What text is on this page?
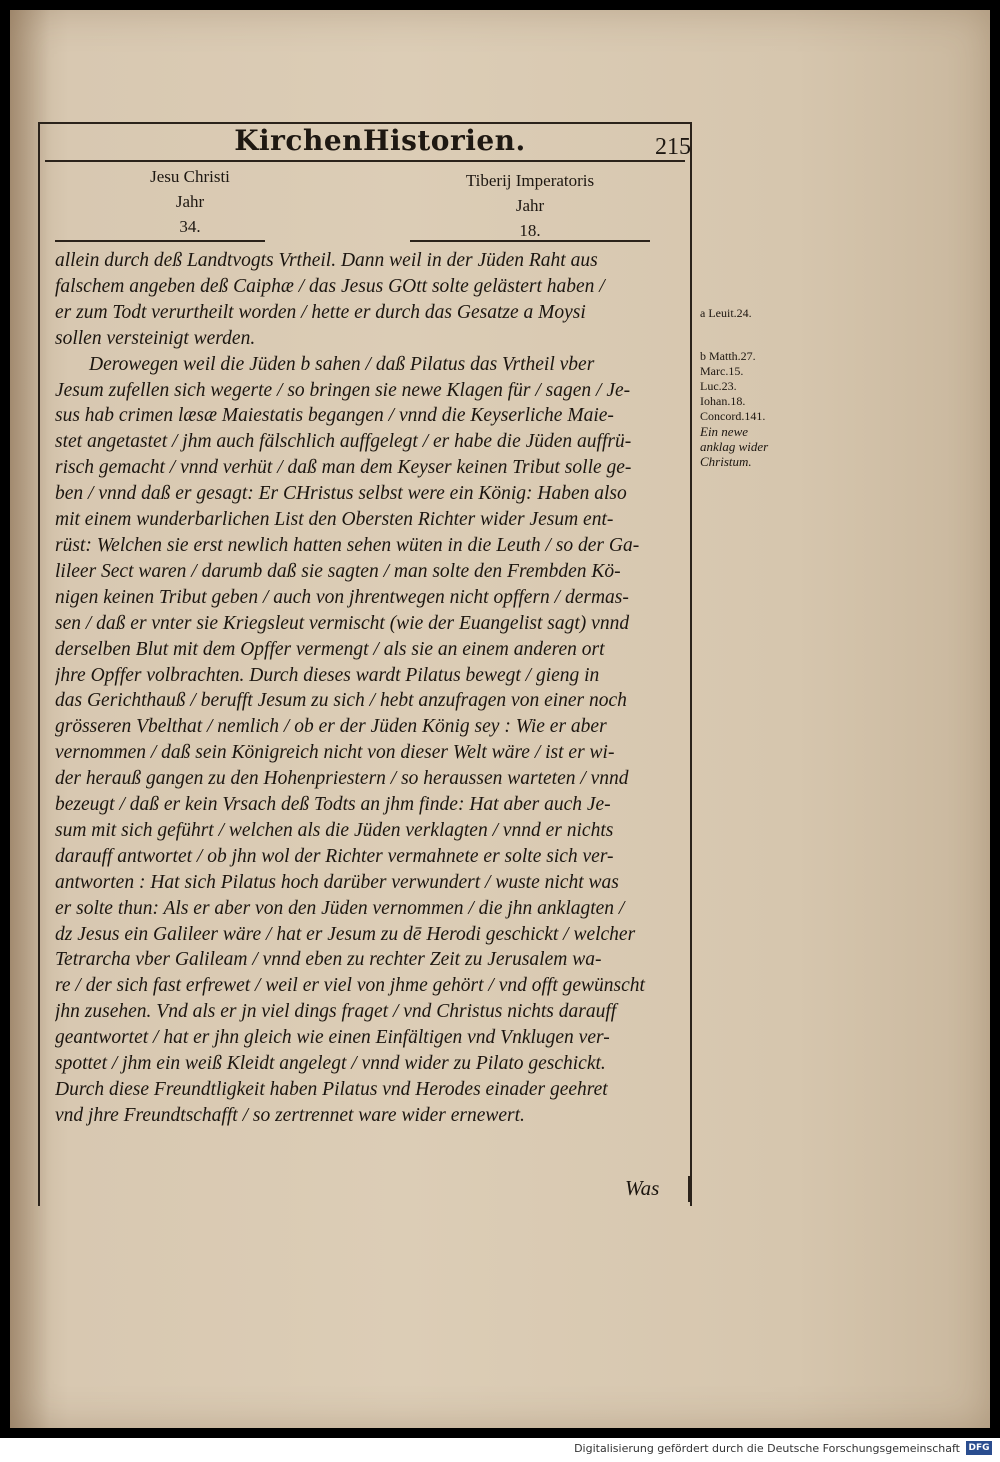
KirchenHistorien.	215
Jesu Christi
Jahr
34.
Tiberij Imperatoris
Jahr
18.
allein durch deß Landtvogts Vrtheil. Dann weil in der Jüden Raht aus
falschem angeben deß Caiphæ / das Jesus GOtt solte gelästert haben /
er zum Todt verurtheilt worden / hette er durch das Gesatze a Moysi
sollen versteinigt werden.
Derowegen weil die Jüden b sahen / daß Pilatus das Vrtheil vber
Jesum zufellen sich wegerte / so bringen sie newe Klagen für / sagen / Je-
sus hab crimen læsæ Maiestatis begangen / vnnd die Keyserliche Maie-
stet angetastet / jhm auch fälschlich auffgelegt / er habe die Jüden auffrü-
risch gemacht / vnnd verhüt / daß man dem Keyser keinen Tribut solle ge-
ben / vnnd daß er gesagt: Er CHristus selbst were ein König: Haben also
mit einem wunderbarlichen List den Obersten Richter wider Jesum ent-
rüst: Welchen sie erst newlich hatten sehen wüten in die Leuth / so der Ga-
lileer Sect waren / darumb daß sie sagten / man solte den Frembden Kö-
nigen keinen Tribut geben / auch von jhrentwegen nicht opffern / dermas-
sen / daß er vnter sie Kriegsleut vermischt (wie der Euangelist sagt) vnnd
derselben Blut mit dem Opffer vermengt / als sie an einem anderen ort
jhre Opffer volbrachten. Durch dieses wardt Pilatus bewegt / gieng in
das Gerichthauß / berufft Jesum zu sich / hebt anzufragen von einer noch
grösseren Vbelthat / nemlich / ob er der Jüden König sey : Wie er aber
vernommen / daß sein Königreich nicht von dieser Welt wäre / ist er wi-
der herauß gangen zu den Hohenpriestern / so heraussen warteten / vnnd
bezeugt / daß er kein Vrsach deß Todts an jhm finde: Hat aber auch Je-
sum mit sich geführt / welchen als die Jüden verklagten / vnnd er nichts
darauff antwortet / ob jhn wol der Richter vermahnete er solte sich ver-
antworten : Hat sich Pilatus hoch darüber verwundert / wuste nicht was
er solte thun: Als er aber von den Jüden vernommen / die jhn anklagten /
dz Jesus ein Galileer wäre / hat er Jesum zu dē Herodi geschickt / welcher
Tetrarcha vber Galileam / vnnd eben zu rechter Zeit zu Jerusalem wa-
re / der sich fast erfrewet / weil er viel von jhme gehört / vnd offt gewünscht
jhn zusehen. Vnd als er jn viel dings fraget / vnd Christus nichts darauff
geantwortet / hat er jhn gleich wie einen Einfältigen vnd Vnklugen ver-
spottet / jhm ein weiß Kleidt angelegt / vnnd wider zu Pilato geschickt.
Durch diese Freundtligkeit haben Pilatus vnd Herodes einader geehret
vnd jhre Freundtschafft / so zertrennet ware wider ernewert.
a Leuit.24.
b Matth.27.
Marc.15.
Luc.23.
Iohan.18.
Concord.141.
Ein newe
anklag wider
Christum.
Was
Digitalisierung gefördert durch die Deutsche Forschungsgemeinschaft DFG
